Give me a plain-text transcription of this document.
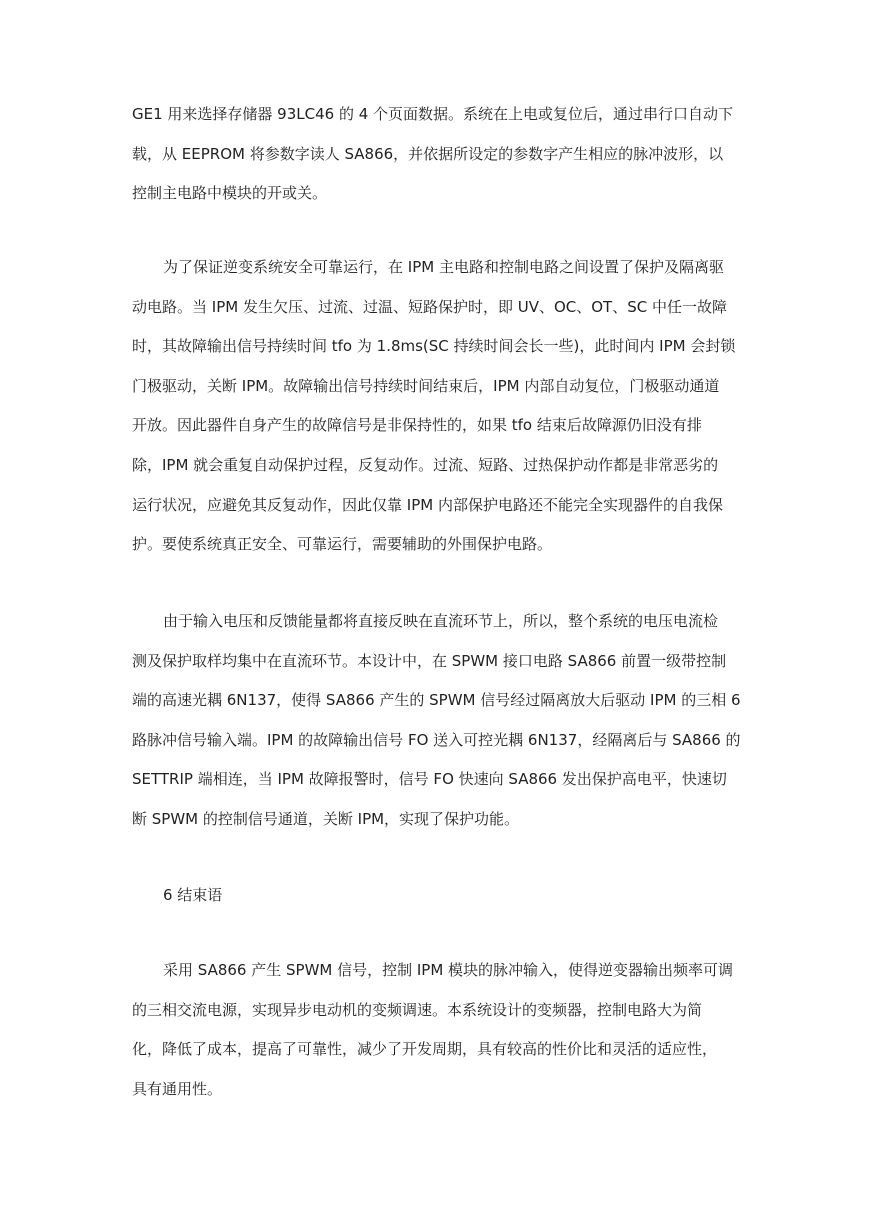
GE1 用来选择存储器 93LC46 的 4 个页面数据。系统在上电或复位后，通过串行口自动下
载，从 EEPROM 将参数字读人 SA866，并依据所设定的参数字产生相应的脉冲波形，以
控制主电路中模块的开或关。
为了保证逆变系统安全可靠运行，在 IPM 主电路和控制电路之间设置了保护及隔离驱
动电路。当 IPM 发生欠压、过流、过温、短路保护时，即 UV、OC、OT、SC 中任一故障
时，其故障输出信号持续时间 tfo 为 1.8ms(SC 持续时间会长一些)，此时间内 IPM 会封锁
门极驱动，关断 IPM。故障输出信号持续时间结束后，IPM 内部自动复位，门极驱动通道
开放。因此器件自身产生的故障信号是非保持性的，如果 tfo 结束后故障源仍旧没有排
除，IPM 就会重复自动保护过程，反复动作。过流、短路、过热保护动作都是非常恶劣的
运行状况，应避免其反复动作，因此仅靠 IPM 内部保护电路还不能完全实现器件的自我保
护。要使系统真正安全、可靠运行，需要辅助的外围保护电路。
由于输入电压和反馈能量都将直接反映在直流环节上，所以，整个系统的电压电流检
测及保护取样均集中在直流环节。本设计中，在 SPWM 接口电路 SA866 前置一级带控制
端的高速光耦 6N137，使得 SA866 产生的 SPWM 信号经过隔离放大后驱动 IPM 的三相 6
路脉冲信号输入端。IPM 的故障输出信号 FO 送入可控光耦 6N137，经隔离后与 SA866 的
SETTRIP 端相连，当 IPM 故障报警时，信号 FO 快速向 SA866 发出保护高电平，快速切
断 SPWM 的控制信号通道，关断 IPM，实现了保护功能。

6 结束语

采用 SA866 产生 SPWM 信号，控制 IPM 模块的脉冲输入，使得逆变器输出频率可调
的三相交流电源，实现异步电动机的变频调速。本系统设计的变频器，控制电路大为简
化，降低了成本，提高了可靠性，减少了开发周期，具有较高的性价比和灵活的适应性，
具有通用性。
